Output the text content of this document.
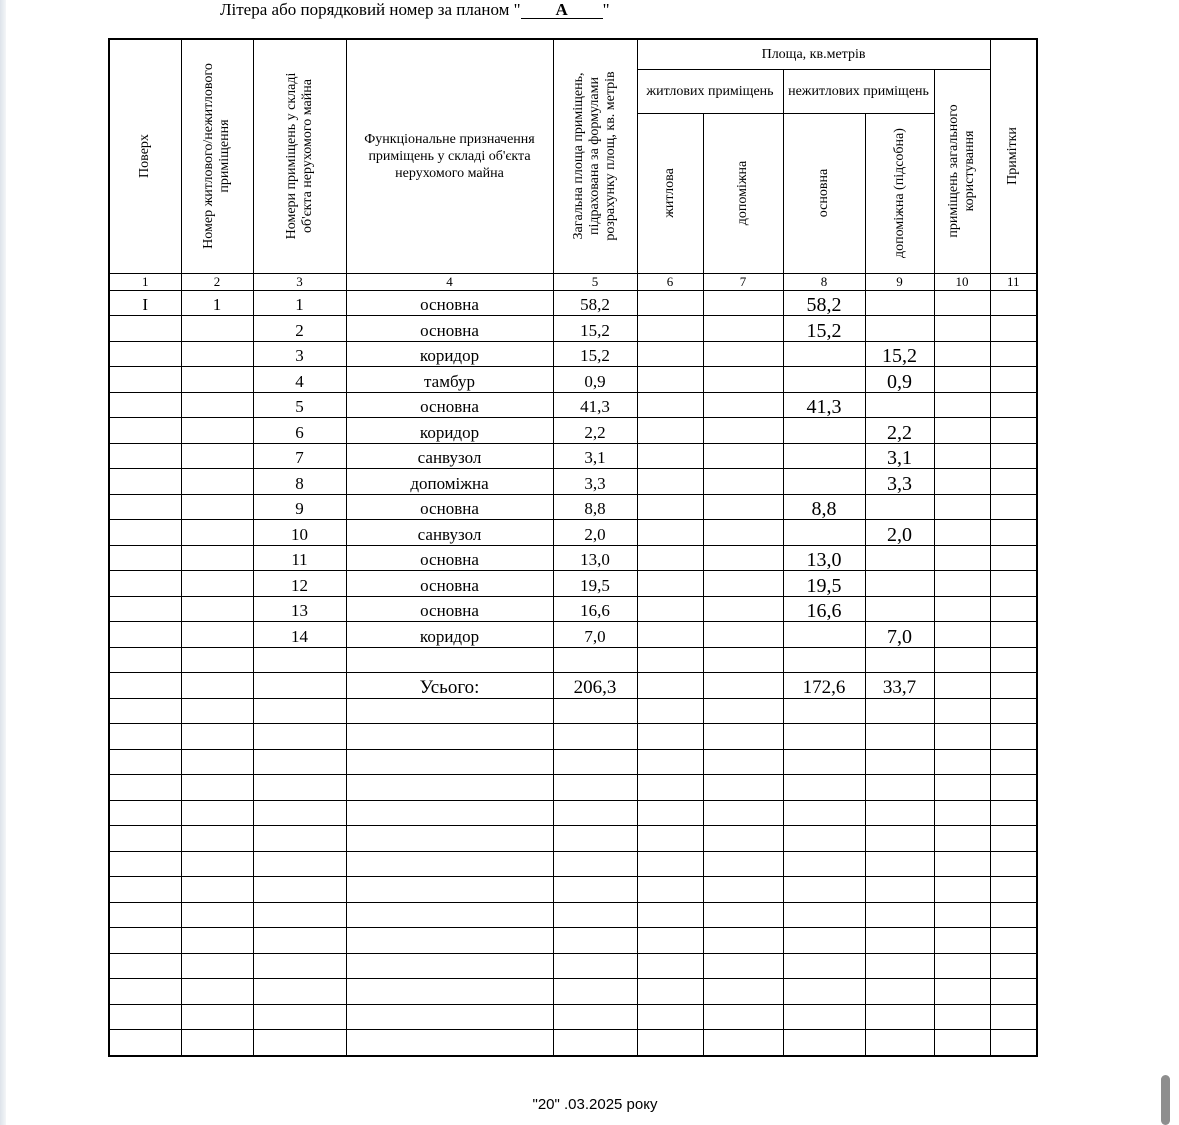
Літера або порядковий номер за планом " А "
Поверх	Номер житлового/нежитлового приміщення	Номери приміщень у складі об'єкта нерухомого майна	Функціональне призначення приміщень у складі об'єкта нерухомого майна	Загальна площа приміщень, підрахована за формулами розрахунку площ, кв. метрів	Площа, кв.метрів					Примітки

					житлових приміщень		нежитлових приміщень		приміщень загального користування	

					житлова	допоміжна	основна	допоміжна (підсобна)		

1	2	3	4	5	6	7	8	9	10	11
I	1	1	основна	58,2			58,2			
		2	основна	15,2			15,2			
		3	коридор	15,2				15,2		
		4	тамбур	0,9				0,9		
		5	основна	41,3			41,3			
		6	коридор	2,2				2,2		
		7	санвузол	3,1				3,1		
		8	допоміжна	3,3				3,3		
		9	основна	8,8			8,8			
		10	санвузол	2,0				2,0		
		11	основна	13,0			13,0			
		12	основна	19,5			19,5			
		13	основна	16,6			16,6			
		14	коридор	7,0				7,0		

			Усього:	206,3			172,6	33,7		

"20" .03.2025 року
